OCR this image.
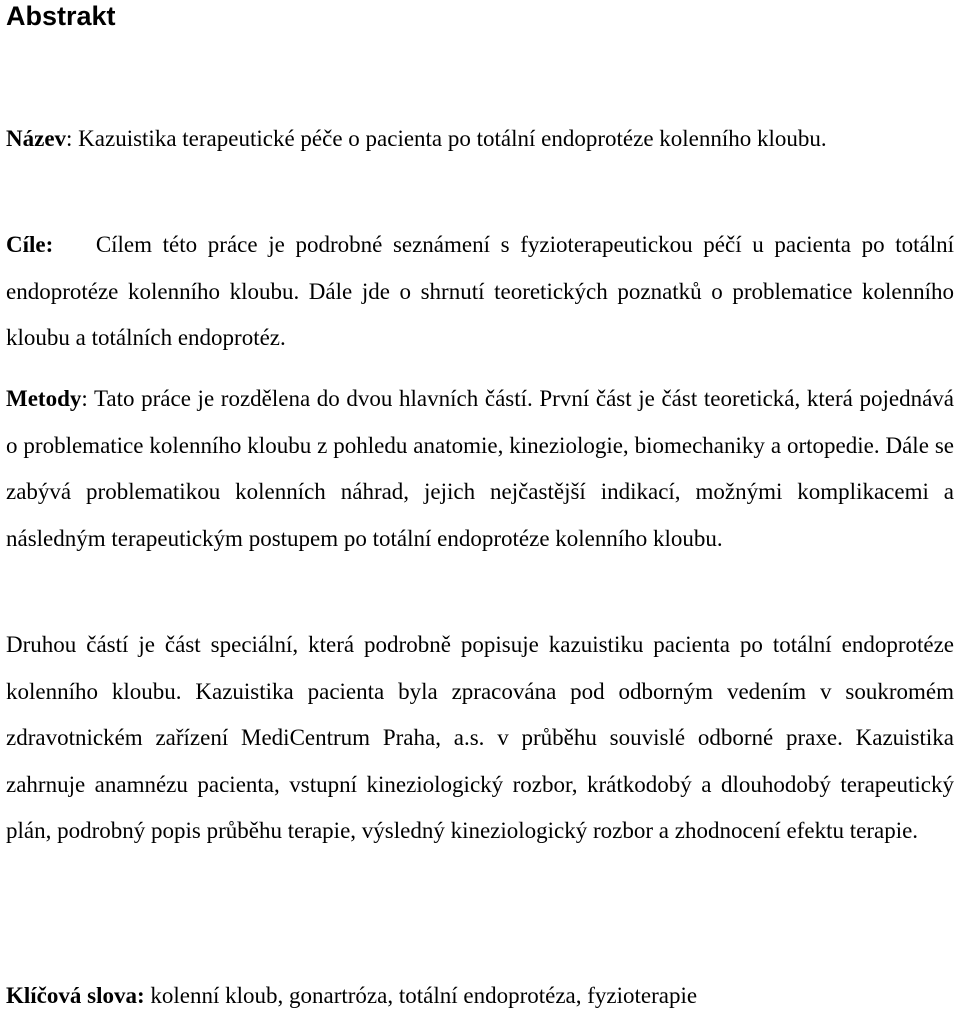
Abstrakt

Název: Kazuistika terapeutické péče o pacienta po totální endoprotéze kolenního kloubu.

Cíle: Cílem této práce je podrobné seznámení s fyzioterapeutickou péčí u pacienta po totální endoprotéze kolenního kloubu. Dále jde o shrnutí teoretických poznatků o problematice kolenního kloubu a totálních endoprotéz.

Metody: Tato práce je rozdělena do dvou hlavních částí. První část je část teoretická, která pojednává o problematice kolenního kloubu z pohledu anatomie, kineziologie, biomechaniky a ortopedie. Dále se zabývá problematikou kolenních náhrad, jejich nejčastější indikací, možnými komplikacemi a následným terapeutickým postupem po totální endoprotéze kolenního kloubu.

Druhou částí je část speciální, která podrobně popisuje kazuistiku pacienta po totální endoprotéze kolenního kloubu. Kazuistika pacienta byla zpracována pod odborným vedením v soukromém zdravotnickém zařízení MediCentrum Praha, a.s. v průběhu souvislé odborné praxe. Kazuistika zahrnuje anamnézu pacienta, vstupní kineziologický rozbor, krátkodobý a dlouhodobý terapeutický plán, podrobný popis průběhu terapie, výsledný kineziologický rozbor a zhodnocení efektu terapie.

Klíčová slova: kolenní kloub, gonartróza, totální endoprotéza, fyzioterapie
